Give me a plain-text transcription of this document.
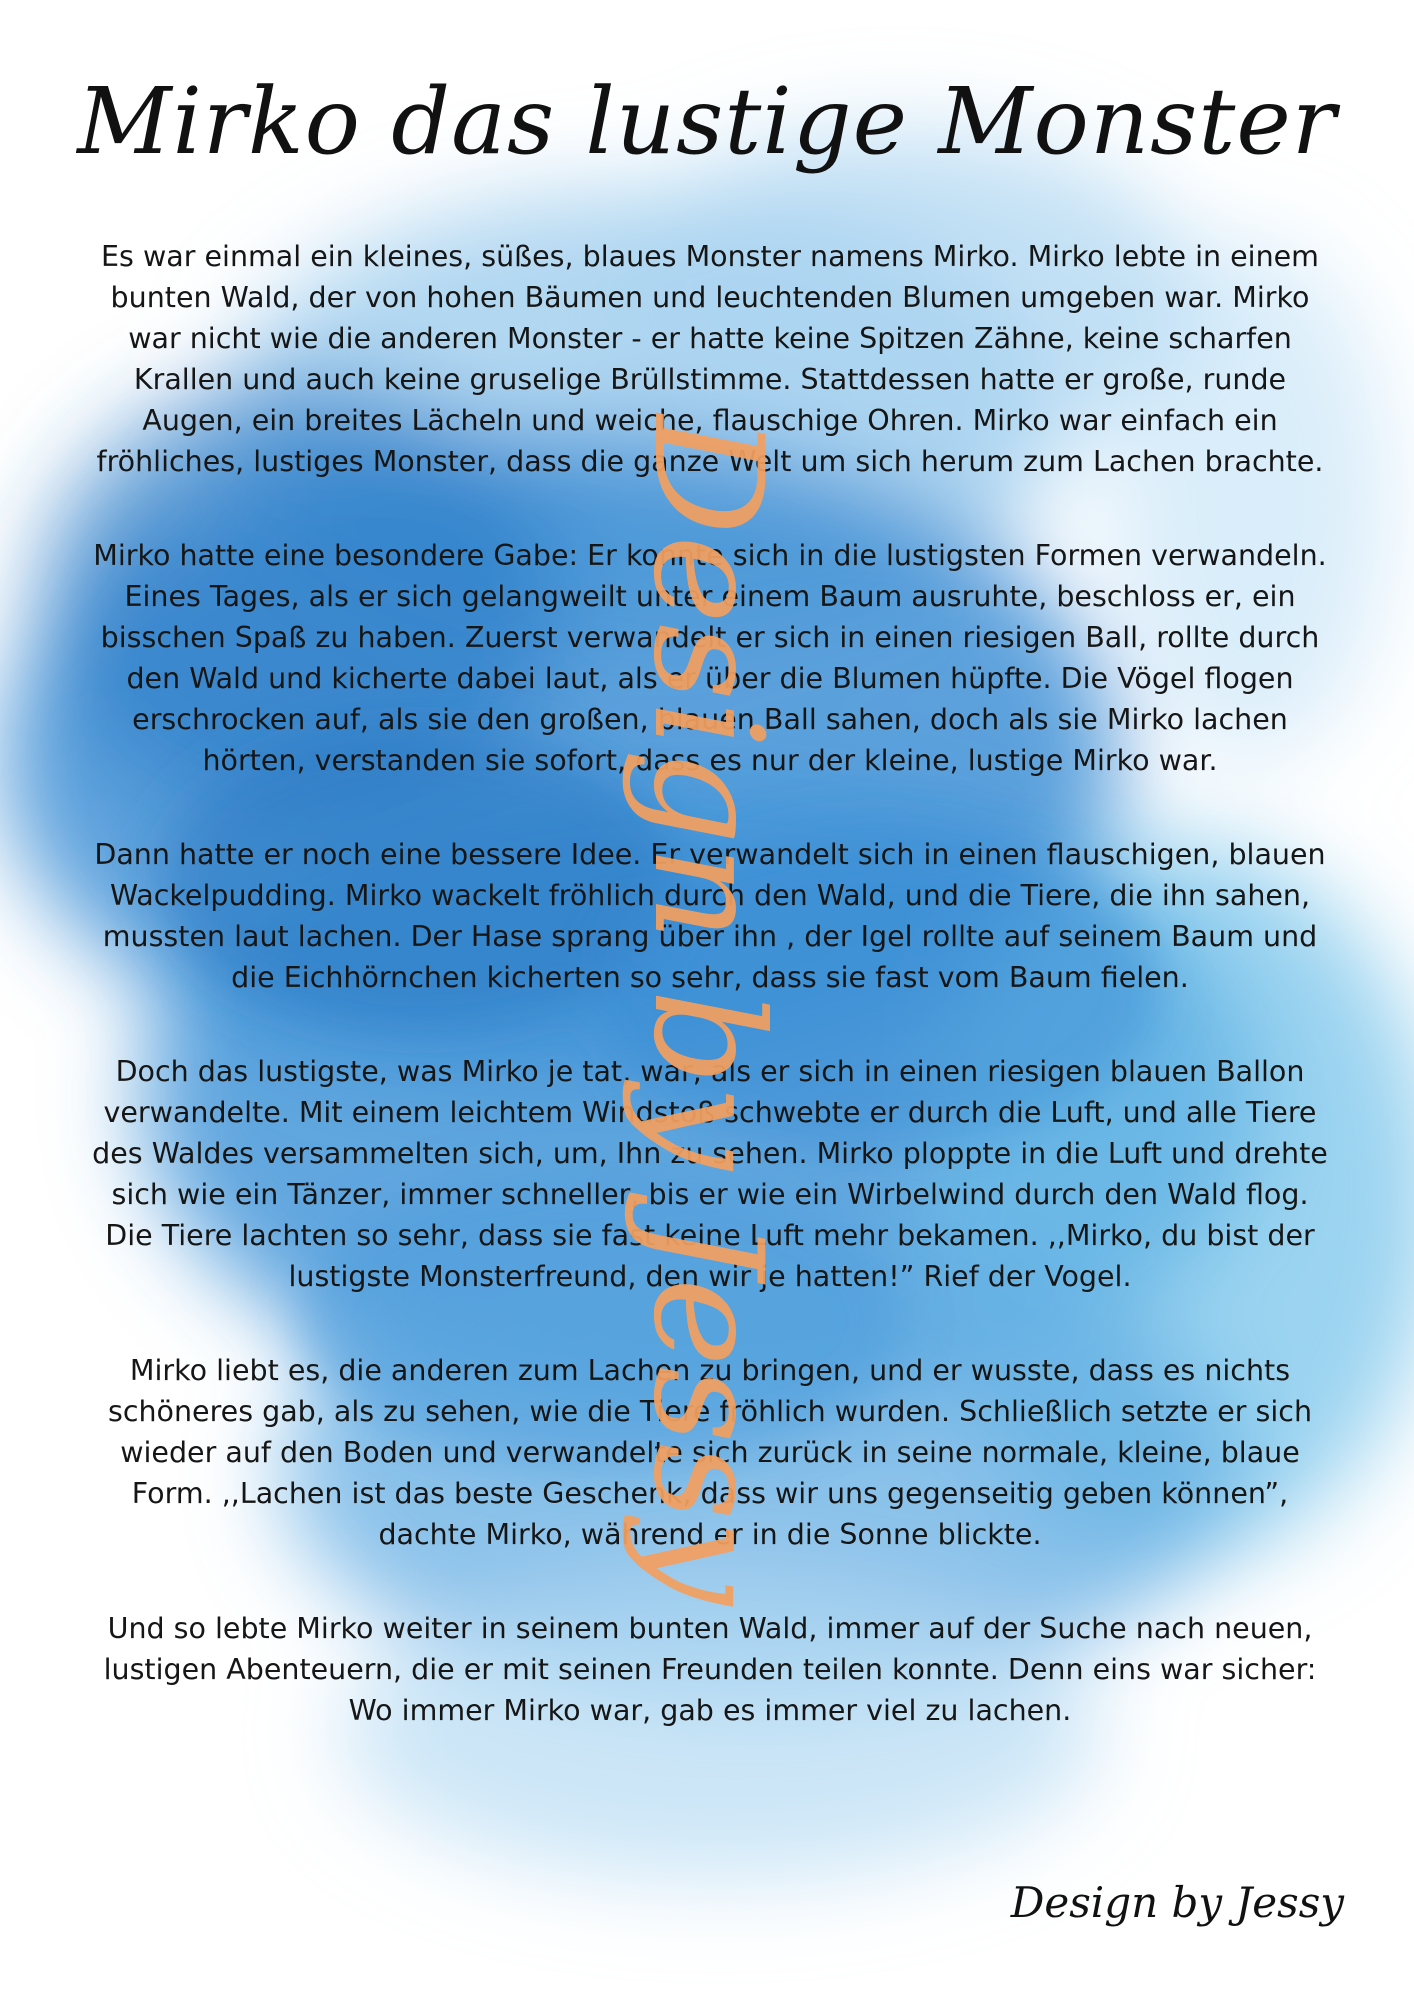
Mirko das lustige Monster

Es war einmal ein kleines, süßes, blaues Monster namens Mirko. Mirko lebte in einem bunten Wald, der von hohen Bäumen und leuchtenden Blumen umgeben war. Mirko war nicht wie die anderen Monster - er hatte keine Spitzen Zähne, keine scharfen Krallen und auch keine gruselige Brüllstimme. Stattdessen hatte er große, runde Augen, ein breites Lächeln und weiche, flauschige Ohren. Mirko war einfach ein fröhliches, lustiges Monster, dass die ganze Welt um sich herum zum Lachen brachte.

Mirko hatte eine besondere Gabe: Er konnte sich in die lustigsten Formen verwandeln. Eines Tages, als er sich gelangweilt unter einem Baum ausruhte, beschloss er, ein bisschen Spaß zu haben. Zuerst verwandelt er sich in einen riesigen Ball, rollte durch den Wald und kicherte dabei laut, als er über die Blumen hüpfte. Die Vögel flogen erschrocken auf, als sie den großen, blauen Ball sahen, doch als sie Mirko lachen hörten, verstanden sie sofort, dass es nur der kleine, lustige Mirko war.

Dann hatte er noch eine bessere Idee. Er verwandelt sich in einen flauschigen, blauen Wackelpudding. Mirko wackelt fröhlich durch den Wald, und die Tiere, die ihn sahen, mussten laut lachen. Der Hase sprang über ihn , der Igel rollte auf seinem Baum und die Eichhörnchen kicherten so sehr, dass sie fast vom Baum fielen.

Doch das lustigste, was Mirko je tat, war, als er sich in einen riesigen blauen Ballon verwandelte. Mit einem leichtem Windstoß schwebte er durch die Luft, und alle Tiere des Waldes versammelten sich, um, Ihn zu sehen. Mirko ploppte in die Luft und drehte sich wie ein Tänzer, immer schneller, bis er wie ein Wirbelwind durch den Wald flog. Die Tiere lachten so sehr, dass sie fast keine Luft mehr bekamen. ,,Mirko, du bist der lustigste Monsterfreund, den wir je hatten!” Rief der Vogel.

Mirko liebt es, die anderen zum Lachen zu bringen, und er wusste, dass es nichts schöneres gab, als zu sehen, wie die Tiere fröhlich wurden. Schließlich setzte er sich wieder auf den Boden und verwandelte sich zurück in seine normale, kleine, blaue Form. ,,Lachen ist das beste Geschenk, dass wir uns gegenseitig geben können”, dachte Mirko, während er in die Sonne blickte.

Und so lebte Mirko weiter in seinem bunten Wald, immer auf der Suche nach neuen, lustigen Abenteuern, die er mit seinen Freunden teilen konnte. Denn eins war sicher: Wo immer Mirko war, gab es immer viel zu lachen.

Design by Jessy
Design by Jessy
